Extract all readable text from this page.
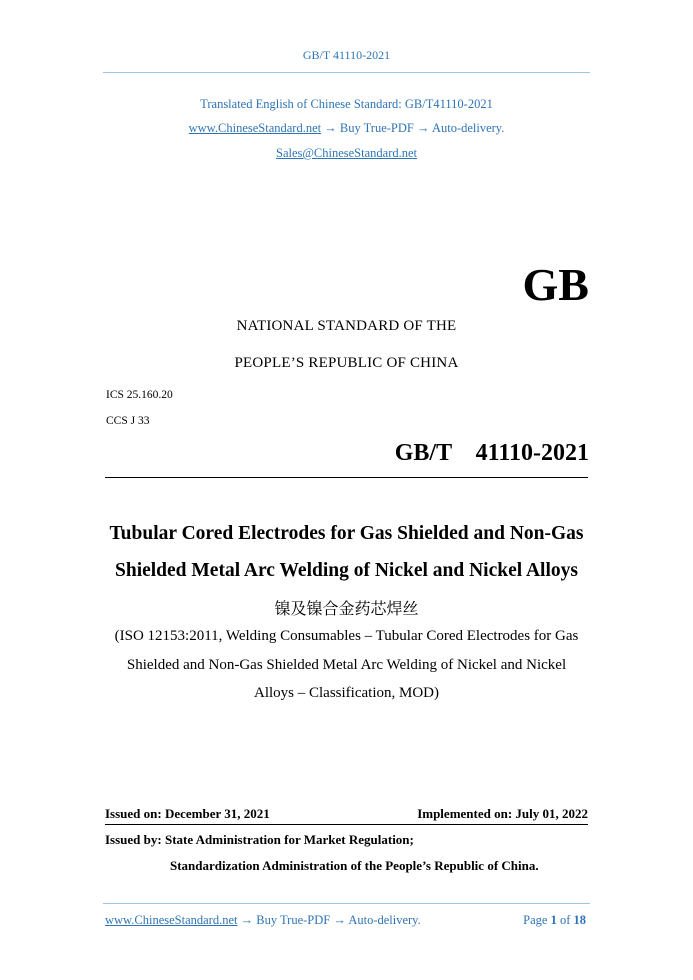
GB/T 41110-2021
Translated English of Chinese Standard: GB/T41110-2021
www.ChineseStandard.net → Buy True-PDF → Auto-delivery.
Sales@ChineseStandard.net
GB
NATIONAL STANDARD OF THE
PEOPLE’S REPUBLIC OF CHINA
ICS 25.160.20
CCS J 33
GB/T  41110-2021
Tubular Cored Electrodes for Gas Shielded and Non-Gas
Shielded Metal Arc Welding of Nickel and Nickel Alloys
镍及镍合金药芯焊丝
(ISO 12153:2011, Welding Consumables – Tubular Cored Electrodes for Gas
Shielded and Non-Gas Shielded Metal Arc Welding of Nickel and Nickel
Alloys – Classification, MOD)
Issued on: December 31, 2021	Implemented on: July 01, 2022
Issued by: State Administration for Market Regulation;
Standardization Administration of the People’s Republic of China.
www.ChineseStandard.net → Buy True-PDF → Auto-delivery.	Page 1 of 18
